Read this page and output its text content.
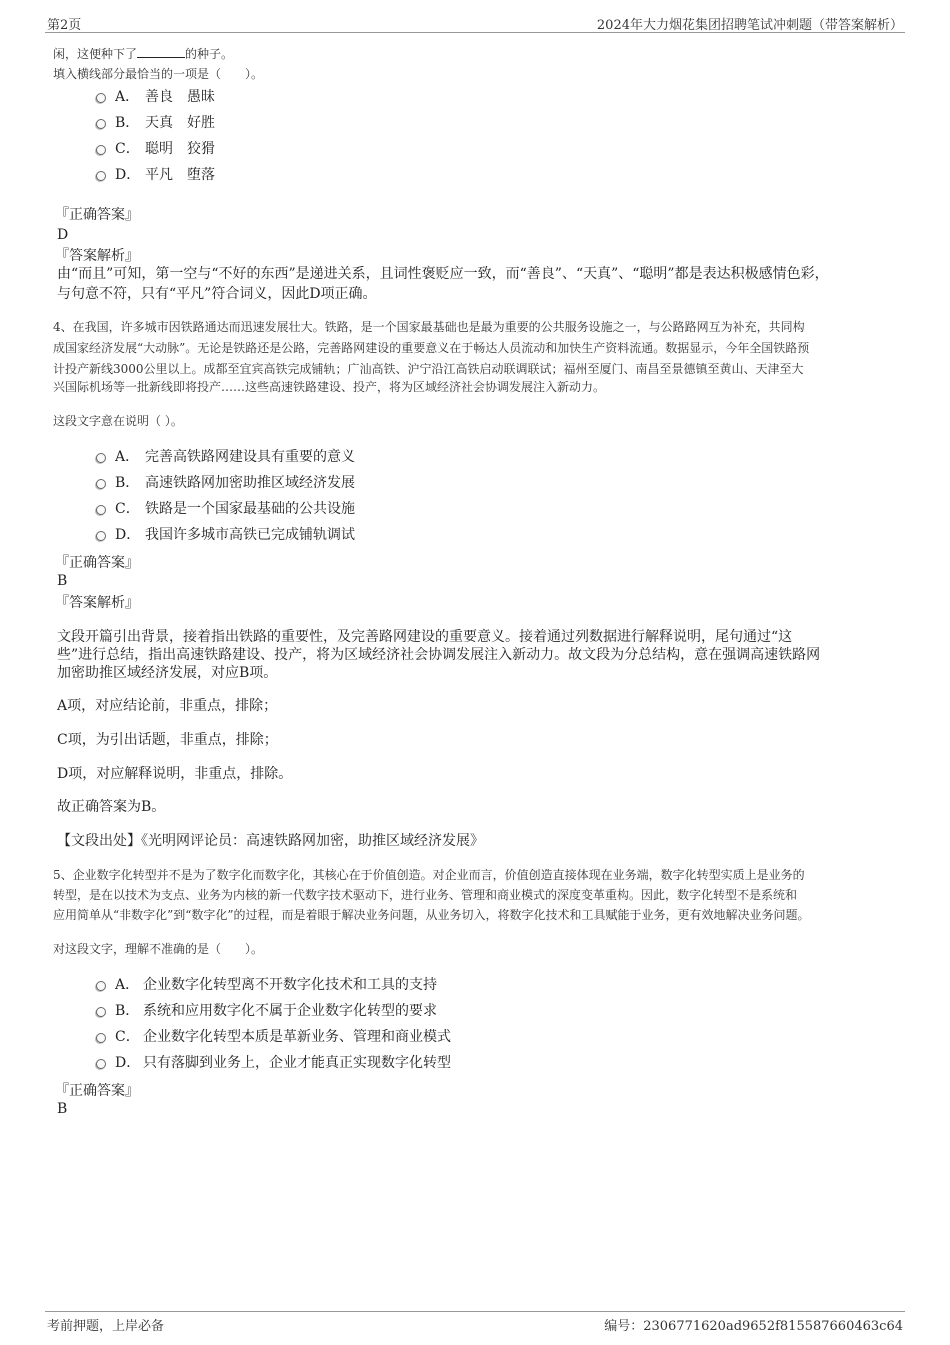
第2页	2024年大力烟花集团招聘笔试冲刺题（带答案解析）
闲，这便种下了	的种子。
填入横线部分最恰当的一项是（　　）。
A． 善良　愚昧
B． 天真　好胜
C． 聪明　狡猾
D． 平凡　堕落
『正确答案』
D
『答案解析』
由“而且”可知，第一空与“不好的东西”是递进关系，且词性褒贬应一致，而“善良”、“天真”、“聪明”都是表达积极感情色彩，
与句意不符，只有“平凡”符合词义，因此D项正确。
4、在我国，许多城市因铁路通达而迅速发展壮大。铁路，是一个国家最基础也是最为重要的公共服务设施之一，与公路路网互为补充，共同构
成国家经济发展“大动脉”。无论是铁路还是公路，完善路网建设的重要意义在于畅达人员流动和加快生产资料流通。数据显示，今年全国铁路预
计投产新线3000公里以上。成都至宜宾高铁完成铺轨；广汕高铁、沪宁沿江高铁启动联调联试；福州至厦门、南昌至景德镇至黄山、天津至大
兴国际机场等一批新线即将投产……这些高速铁路建设、投产，将为区域经济社会协调发展注入新动力。
这段文字意在说明（ ）。
A． 完善高铁路网建设具有重要的意义
B． 高速铁路网加密助推区域经济发展
C． 铁路是一个国家最基础的公共设施
D． 我国许多城市高铁已完成铺轨调试
『正确答案』
B
『答案解析』
文段开篇引出背景，接着指出铁路的重要性，及完善路网建设的重要意义。接着通过列数据进行解释说明，尾句通过“这
些”进行总结，指出高速铁路建设、投产，将为区域经济社会协调发展注入新动力。故文段为分总结构，意在强调高速铁路网
加密助推区域经济发展，对应B项。
A项，对应结论前，非重点，排除；
C项，为引出话题，非重点，排除；
D项，对应解释说明，非重点，排除。
故正确答案为B。
【文段出处】《光明网评论员：高速铁路网加密，助推区域经济发展》
5、企业数字化转型并不是为了数字化而数字化，其核心在于价值创造。对企业而言，价值创造直接体现在业务端，数字化转型实质上是业务的
转型，是在以技术为支点、业务为内核的新一代数字技术驱动下，进行业务、管理和商业模式的深度变革重构。因此，数字化转型不是系统和
应用简单从“非数字化”到“数字化”的过程，而是着眼于解决业务问题，从业务切入，将数字化技术和工具赋能于业务，更有效地解决业务问题。
对这段文字，理解不准确的是（　　）。
A． 企业数字化转型离不开数字化技术和工具的支持
B． 系统和应用数字化不属于企业数字化转型的要求
C． 企业数字化转型本质是革新业务、管理和商业模式
D． 只有落脚到业务上，企业才能真正实现数字化转型
『正确答案』
B
考前押题，上岸必备	编号：2306771620ad9652f815587660463c64
